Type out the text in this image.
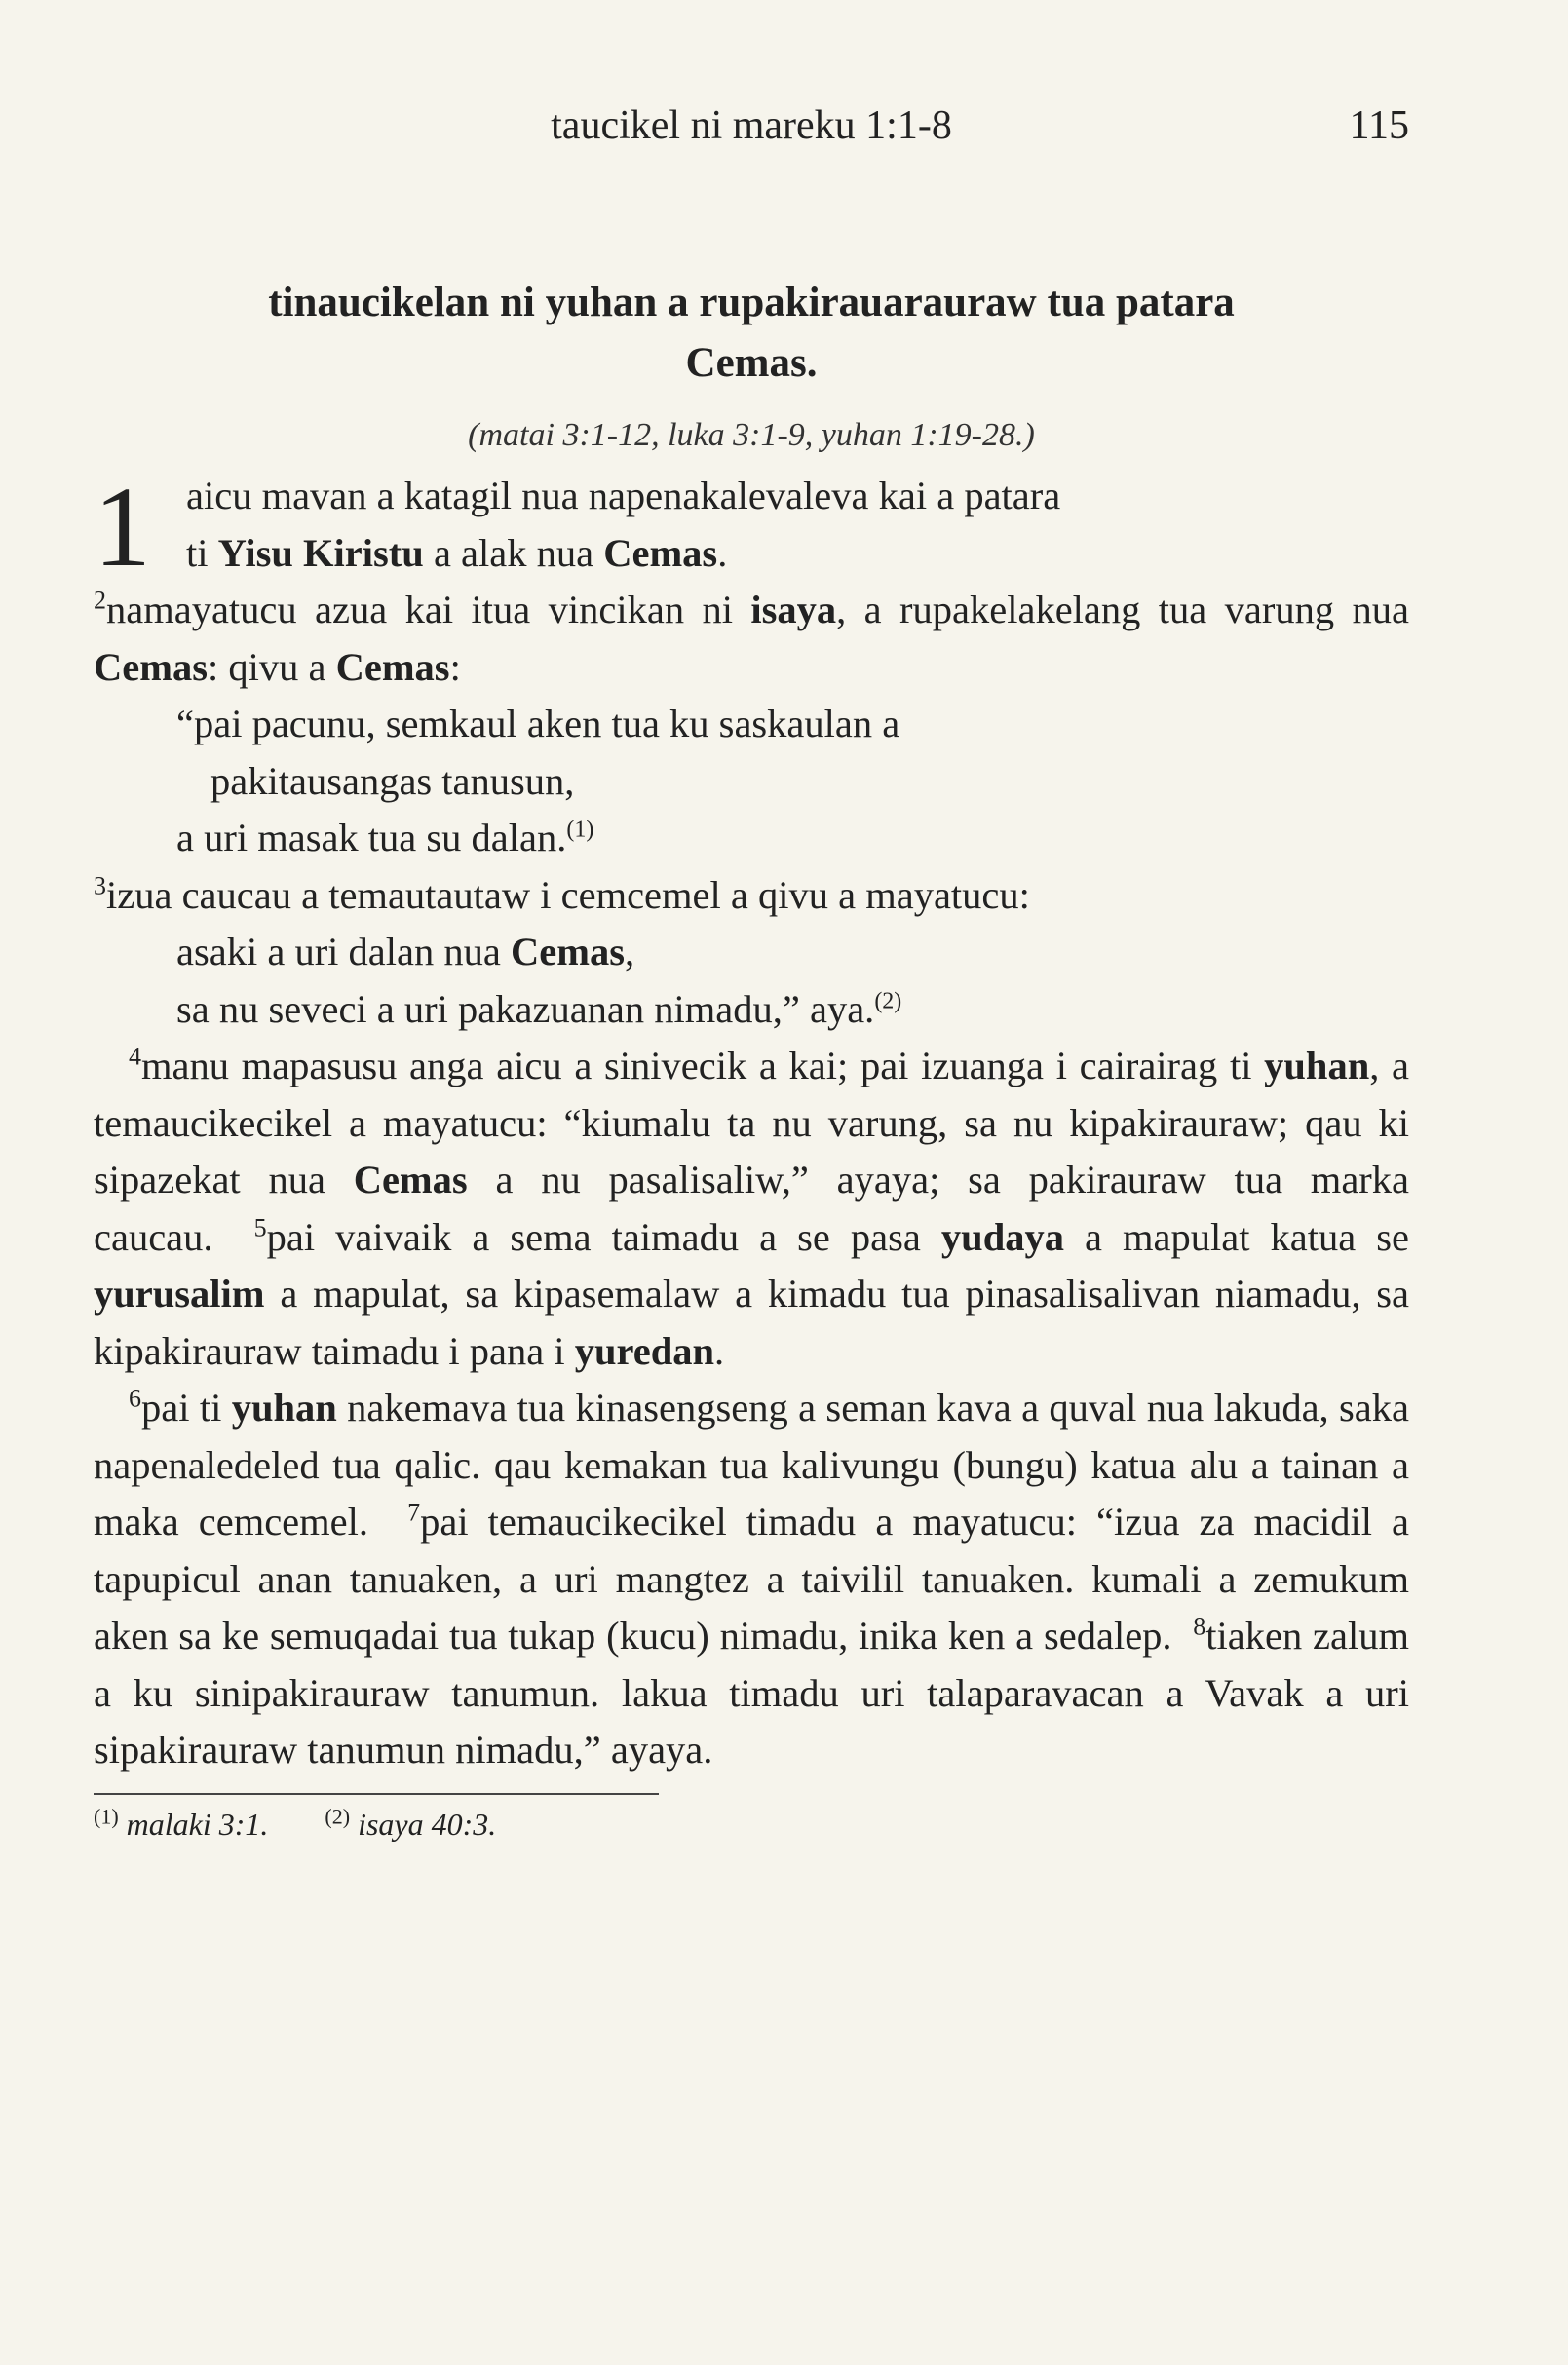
taucikel ni mareku 1:1-8	115
tinaucikelan ni yuhan a rupakirauarauraw tua patara
Cemas.
(matai 3:1-12, luka 3:1-9, yuhan 1:19-28.)
1 aicu mavan a katagil nua napenakalevaleva kai a patara

ti Yisu Kiristu a alak nua Cemas.

$^2$namayatucu azua kai itua vincikan ni isaya, a rupakelakelang tua varung nua Cemas: qivu a Cemas:

“pai pacunu, semkaul aken tua ku saskaulan a

pakitausangas tanusun,

a uri masak tua su dalan.$^{(1)}$

$^3$izua caucau a temautautaw i cemcemel a qivu a mayatucu:

asaki a uri dalan nua Cemas,

sa nu seveci a uri pakazuanan nimadu,” aya.$^{(2)}$

$^4$manu mapasusu anga aicu a sinivecik a kai; pai izuanga i cairairag ti yuhan, a temaucikecikel a mayatucu: “kiumalu ta nu varung, sa nu kipakirauraw; qau ki sipazekat nua Cemas a nu pasalisaliw,” ayaya; sa pakirauraw tua marka caucau. $^5$pai vaivaik a sema taimadu a se pasa yudaya a mapulat katua se yurusalim a mapulat, sa kipasemalaw a kimadu tua pinasalisalivan niamadu, sa kipakirauraw taimadu i pana i yuredan.

$^6$pai ti yuhan nakemava tua kinasengseng a seman kava a quval nua lakuda, saka napenaledeled tua qalic. qau kemakan tua kalivungu (bungu) katua alu a tainan a maka cemcemel. $^7$pai temaucikecikel timadu a mayatucu: “izua za macidil a tapupicul anan tanuaken, a uri mangtez a taivilil tanuaken. kumali a zemukum aken sa ke semuqadai tua tukap (kucu) nimadu, inika ken a sedalep. $^8$tiaken zalum a ku sinipakirauraw tanumun. lakua timadu uri talaparavacan a Vavak a uri sipakirauraw tanumun nimadu,” ayaya.

$^{(1)}$ malaki 3:1.	$^{(2)}$ isaya 40:3.
